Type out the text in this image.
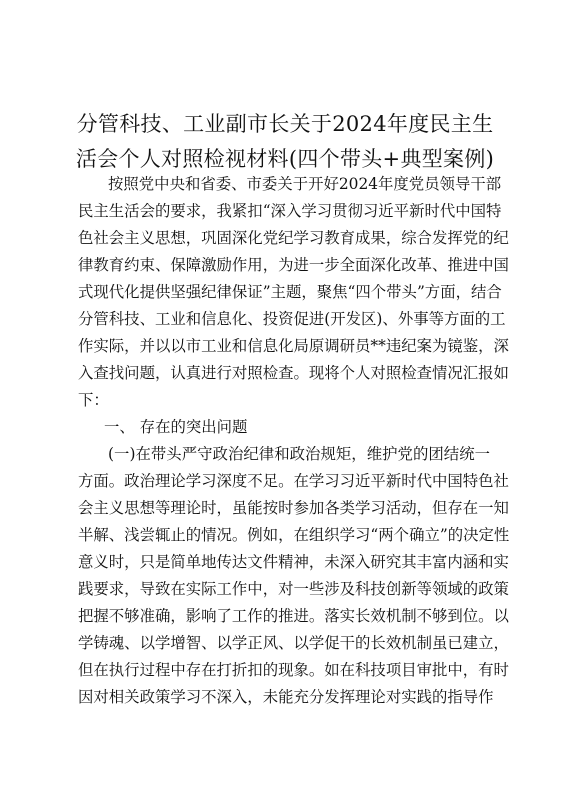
分管科技、工业副市长关于2024年度民主生
活会个人对照检视材料(四个带头+典型案例)
按照党中央和省委、市委关于开好2024年度党员领导干部
民主生活会的要求，我紧扣“深入学习贯彻习近平新时代中国特
色社会主义思想，巩固深化党纪学习教育成果，综合发挥党的纪
律教育约束、保障激励作用，为进一步全面深化改革、推进中国
式现代化提供坚强纪律保证”主题，聚焦“四个带头”方面，结合
分管科技、工业和信息化、投资促进(开发区)、外事等方面的工
作实际，并以以市工业和信息化局原调研员**违纪案为镜鉴，深
入查找问题，认真进行对照检查。现将个人对照检查情况汇报如
下：
一、 存在的突出问题
(一)在带头严守政治纪律和政治规矩，维护党的团结统一
方面。政治理论学习深度不足。在学习习近平新时代中国特色社
会主义思想等理论时，虽能按时参加各类学习活动，但存在一知
半解、浅尝辄止的情况。例如，在组织学习“两个确立”的决定性
意义时，只是简单地传达文件精神，未深入研究其丰富内涵和实
践要求，导致在实际工作中，对一些涉及科技创新等领域的政策
把握不够准确，影响了工作的推进。落实长效机制不够到位。以
学铸魂、以学增智、以学正风、以学促干的长效机制虽已建立，
但在执行过程中存在打折扣的现象。如在科技项目审批中，有时
因对相关政策学习不深入，未能充分发挥理论对实践的指导作
